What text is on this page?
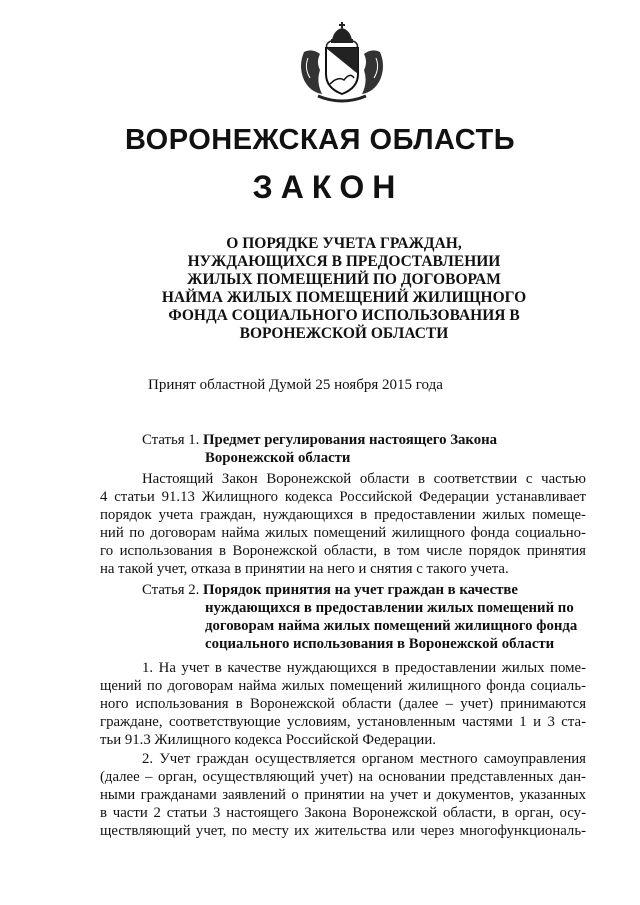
ВОРОНЕЖСКАЯ ОБЛАСТЬ
ЗАКОН
О ПОРЯДКЕ УЧЕТА ГРАЖДАН,
НУЖДАЮЩИХСЯ В ПРЕДОСТАВЛЕНИИ
ЖИЛЫХ ПОМЕЩЕНИЙ ПО ДОГОВОРАМ
НАЙМА ЖИЛЫХ ПОМЕЩЕНИЙ ЖИЛИЩНОГО
ФОНДА СОЦИАЛЬНОГО ИСПОЛЬЗОВАНИЯ В
ВОРОНЕЖСКОЙ ОБЛАСТИ
Принят областной Думой 25 ноября 2015 года
Статья 1. Предмет регулирования настоящего Закона
Воронежской области
Настоящий Закон Воронежской области в соответствии с частью
4 статьи 91.13 Жилищного кодекса Российской Федерации устанавливает
порядок учета граждан, нуждающихся в предоставлении жилых помеще-
ний по договорам найма жилых помещений жилищного фонда социально-
го использования в Воронежской области, в том числе порядок принятия
на такой учет, отказа в принятии на него и снятия с такого учета.
Статья 2. Порядок принятия на учет граждан в качестве
нуждающихся в предоставлении жилых помещений по
договорам найма жилых помещений жилищного фонда
социального использования в Воронежской области
1. На учет в качестве нуждающихся в предоставлении жилых поме-
щений по договорам найма жилых помещений жилищного фонда социаль-
ного использования в Воронежской области (далее – учет) принимаются
граждане, соответствующие условиям, установленным частями 1 и 3 ста-
тьи 91.3 Жилищного кодекса Российской Федерации.
2. Учет граждан осуществляется органом местного самоуправления
(далее – орган, осуществляющий учет) на основании представленных дан-
ными гражданами заявлений о принятии на учет и документов, указанных
в части 2 статьи 3 настоящего Закона Воронежской области, в орган, осу-
ществляющий учет, по месту их жительства или через многофункциональ-
